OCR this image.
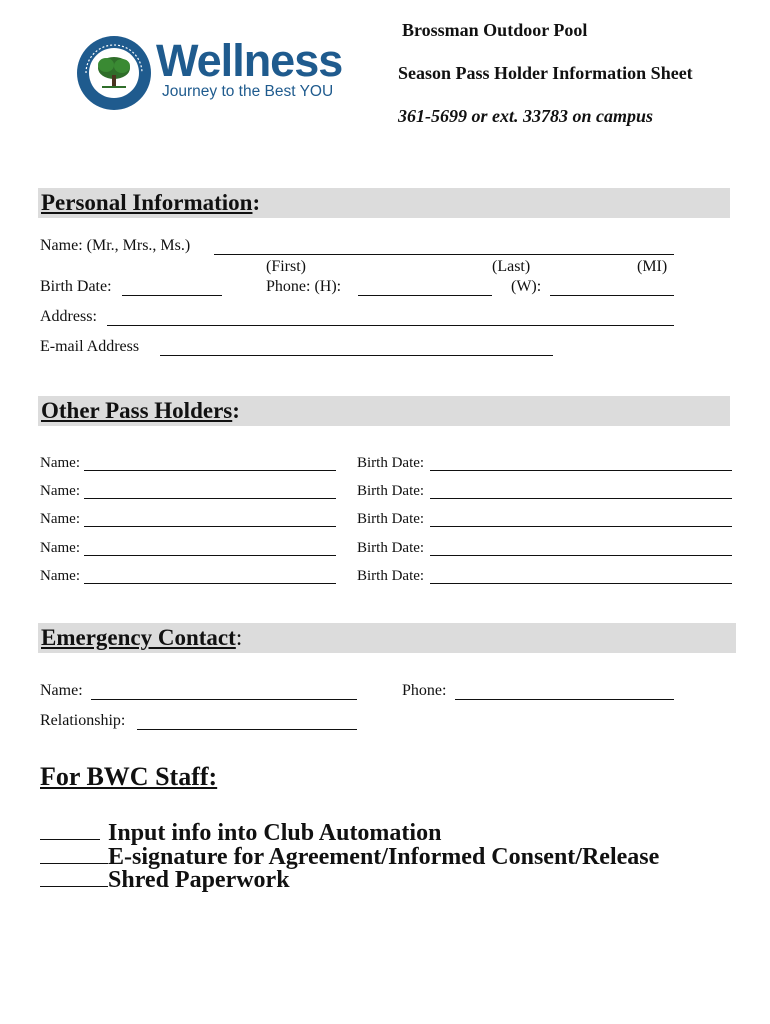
Wellness
Journey to the Best YOU
Brossman Outdoor Pool
Season Pass Holder Information Sheet
361-5699 or ext. 33783 on campus
Personal Information:
Name: (Mr., Mrs., Ms.)
(First)	(Last)	(MI)
Birth Date:	Phone: (H):	(W):
Address:
E-mail Address
Other Pass Holders:
Name:	Birth Date:
Name:	Birth Date:
Name:	Birth Date:
Name:	Birth Date:
Name:	Birth Date:
Emergency Contact:
Name:	Phone:
Relationship:
For BWC Staff:
Input info into Club Automation
E-signature for Agreement/Informed Consent/Release
Shred Paperwork
